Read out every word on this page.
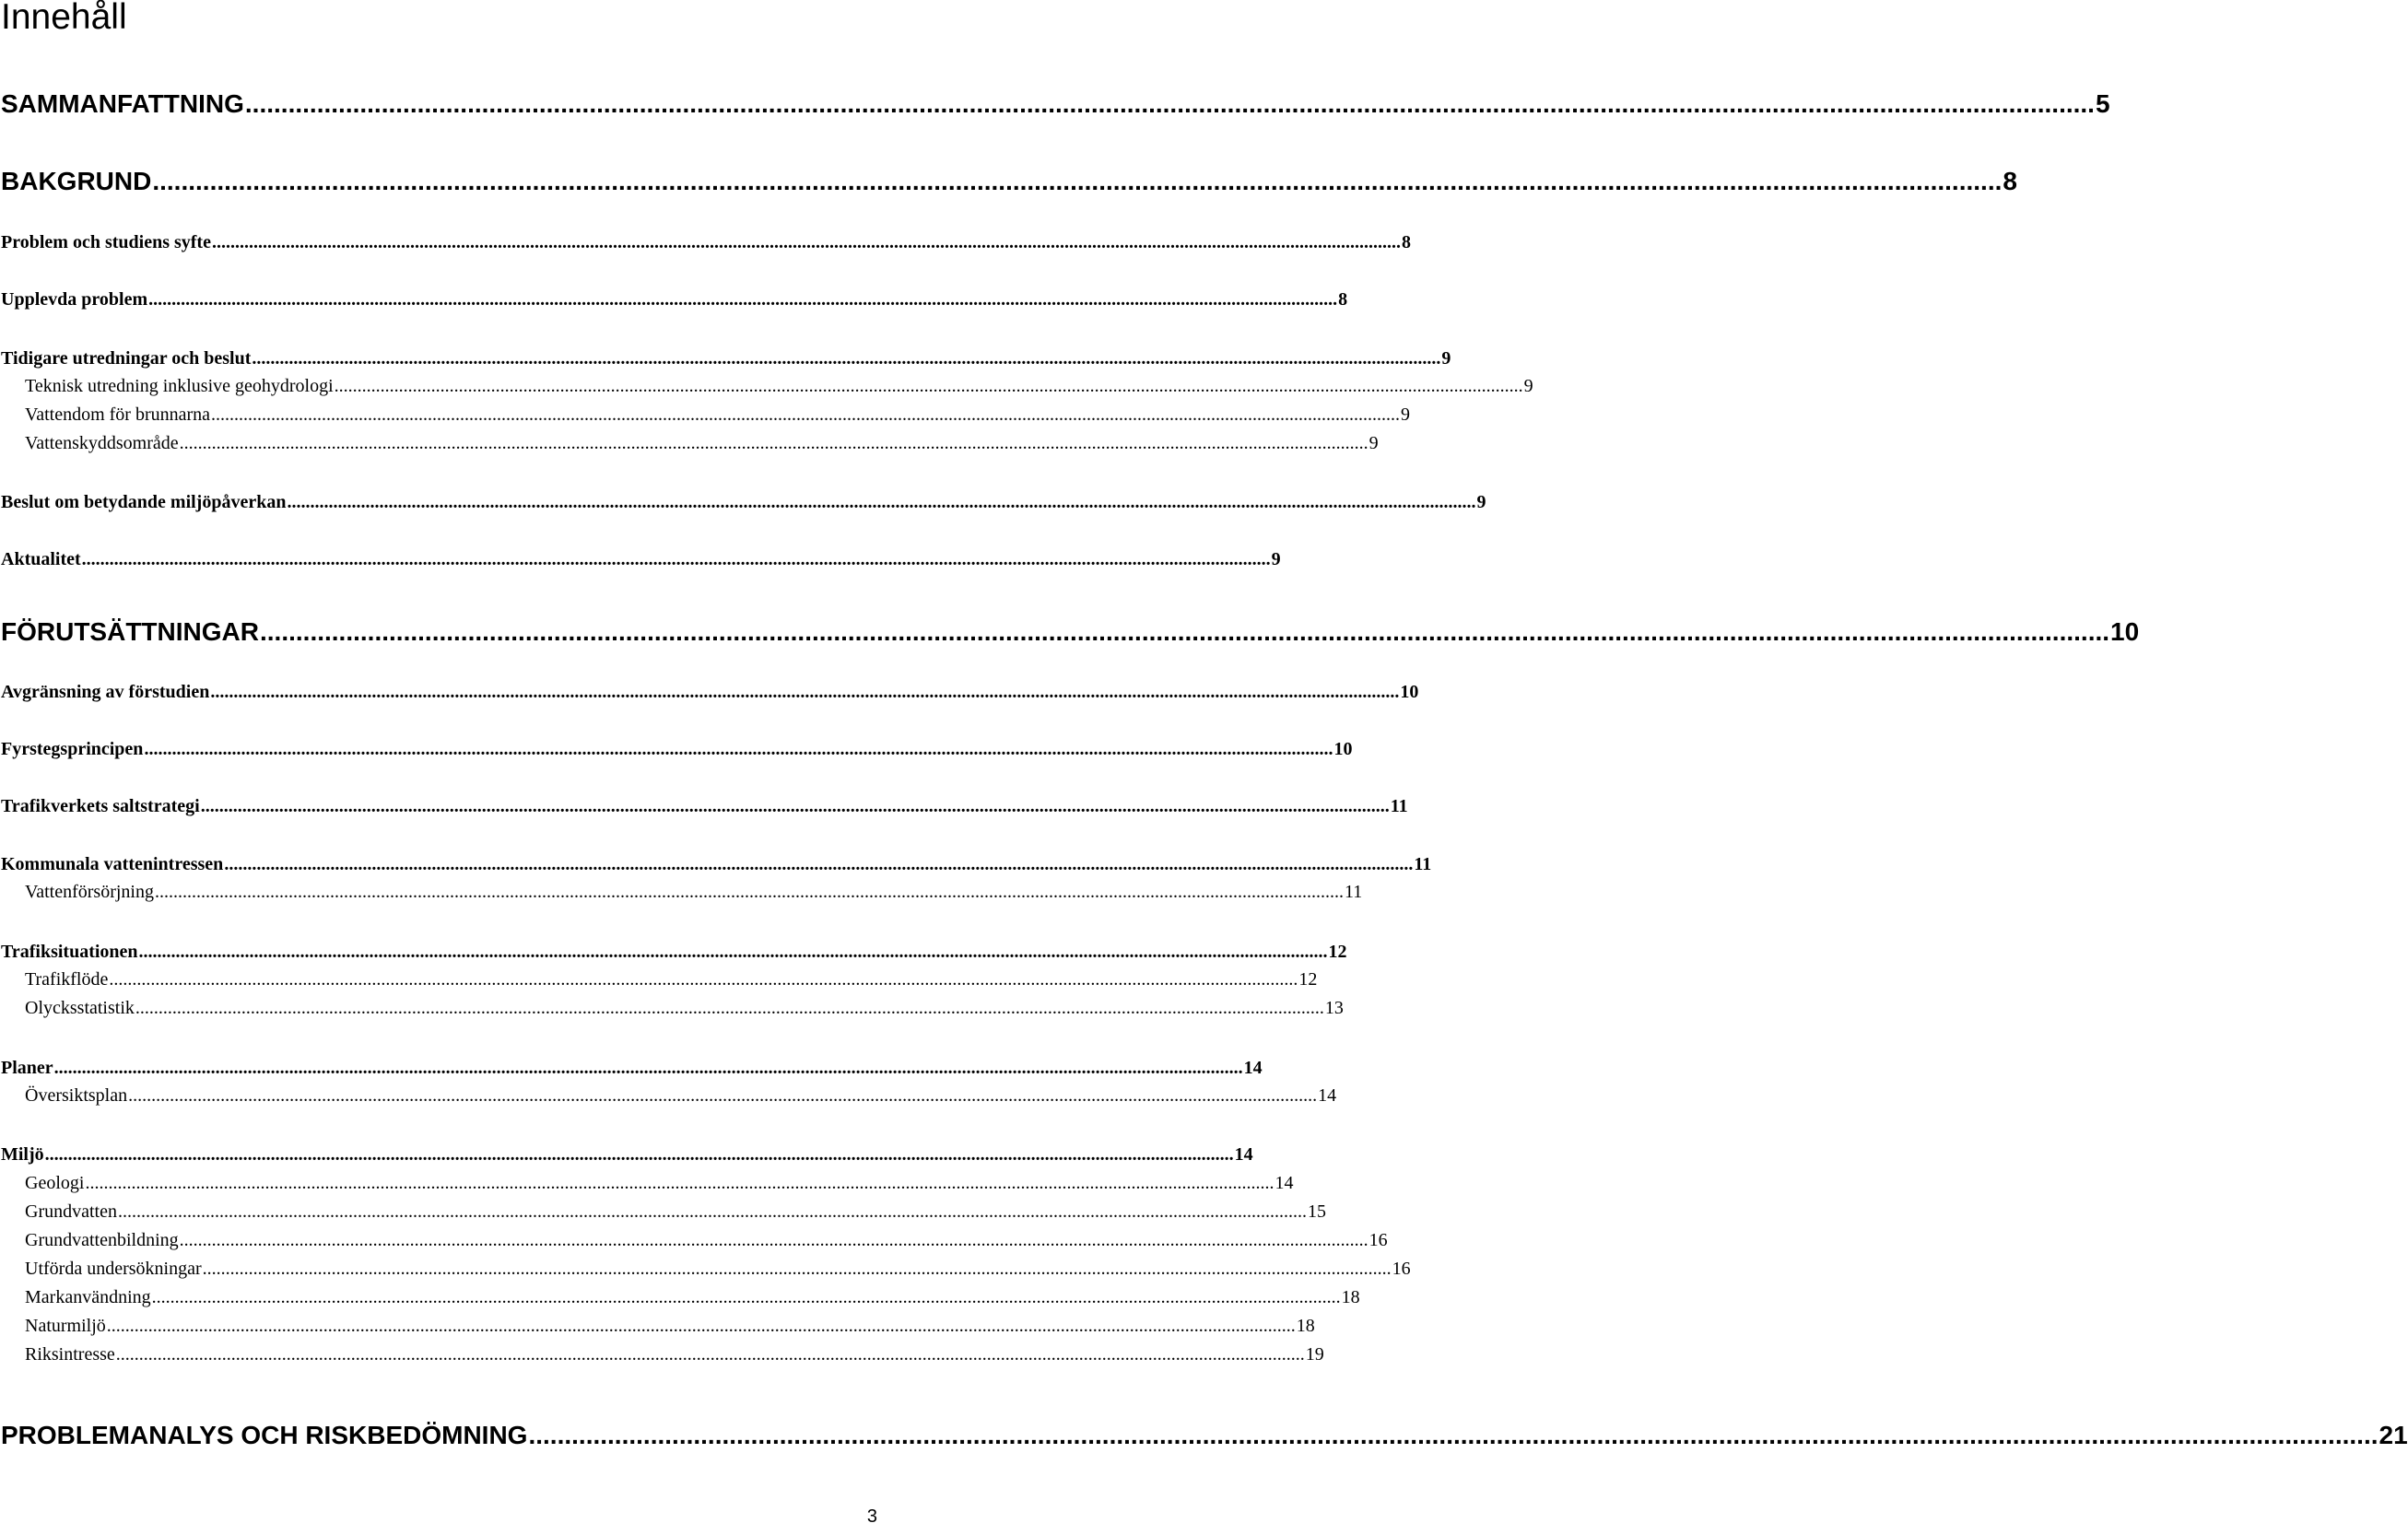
Innehåll
SAMMANFATTNING .................................................................................................................................................................................................................................................................. 5
BAKGRUND .................................................................................................................................................................................................................................................................. 8
Problem och studiens syfte .................................................................................................................................................................................................................................................................. 8
Upplevda problem .................................................................................................................................................................................................................................................................. 8
Tidigare utredningar och beslut .................................................................................................................................................................................................................................................................. 9
Teknisk utredning inklusive geohydrologi .................................................................................................................................................................................................................................................................. 9
Vattendom för brunnarna .................................................................................................................................................................................................................................................................. 9
Vattenskyddsområde .................................................................................................................................................................................................................................................................. 9
Beslut om betydande miljöpåverkan .................................................................................................................................................................................................................................................................. 9
Aktualitet .................................................................................................................................................................................................................................................................. 9
FÖRUTSÄTTNINGAR .................................................................................................................................................................................................................................................................. 10
Avgränsning av förstudien .................................................................................................................................................................................................................................................................. 10
Fyrstegsprincipen .................................................................................................................................................................................................................................................................. 10
Trafikverkets saltstrategi .................................................................................................................................................................................................................................................................. 11
Kommunala vattenintressen .................................................................................................................................................................................................................................................................. 11
Vattenförsörjning .................................................................................................................................................................................................................................................................. 11
Trafiksituationen .................................................................................................................................................................................................................................................................. 12
Trafikflöde .................................................................................................................................................................................................................................................................. 12
Olycksstatistik .................................................................................................................................................................................................................................................................. 13
Planer .................................................................................................................................................................................................................................................................. 14
Översiktsplan .................................................................................................................................................................................................................................................................. 14
Miljö .................................................................................................................................................................................................................................................................. 14
Geologi .................................................................................................................................................................................................................................................................. 14
Grundvatten .................................................................................................................................................................................................................................................................. 15
Grundvattenbildning .................................................................................................................................................................................................................................................................. 16
Utförda undersökningar .................................................................................................................................................................................................................................................................. 16
Markanvändning .................................................................................................................................................................................................................................................................. 18
Naturmiljö .................................................................................................................................................................................................................................................................. 18
Riksintresse .................................................................................................................................................................................................................................................................. 19
PROBLEMANALYS OCH RISKBEDÖMNING .................................................................................................................................................................................................................................................................. 21
3
